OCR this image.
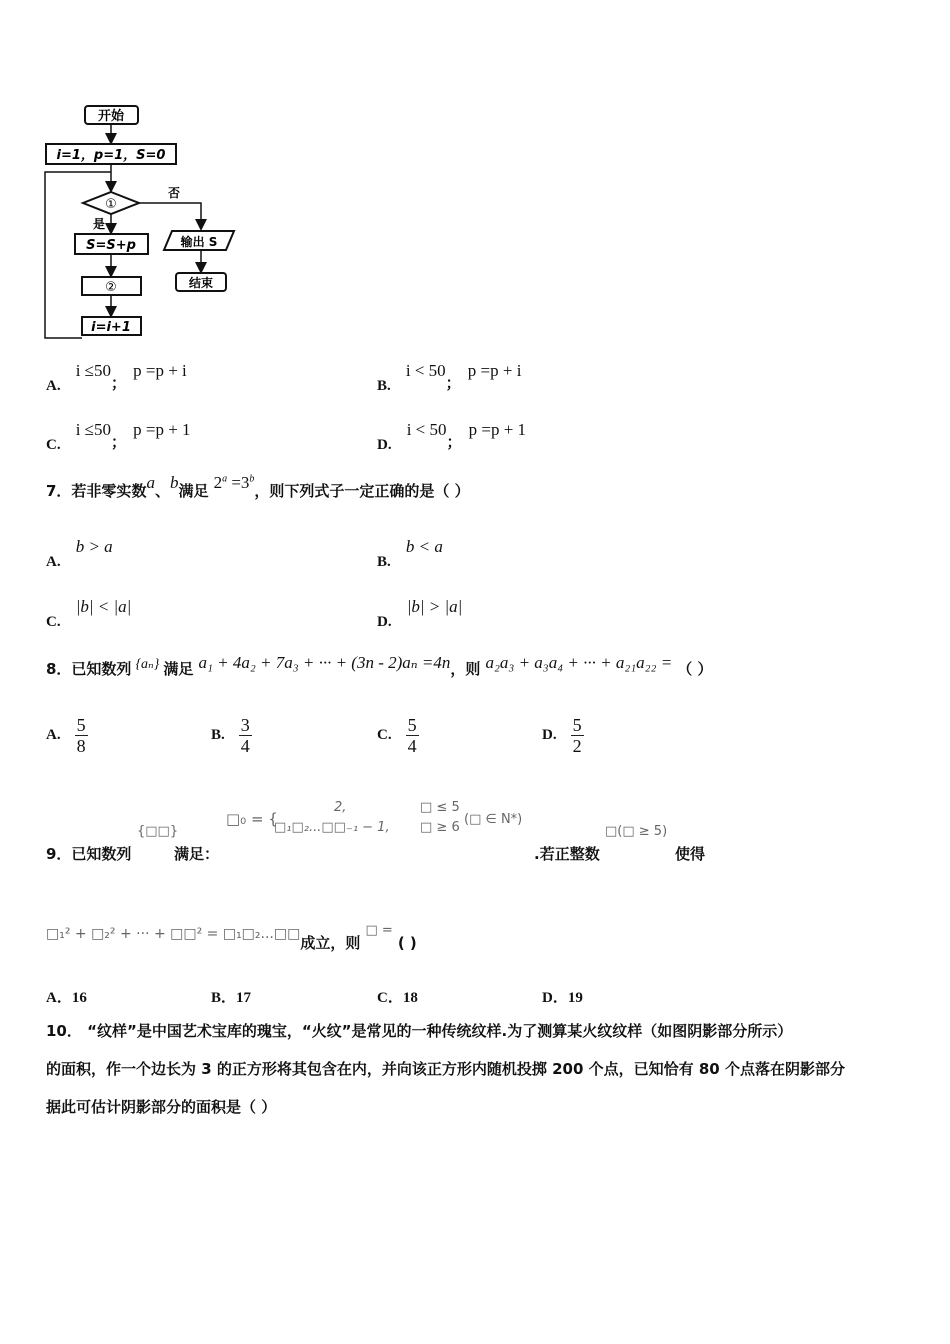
开始
i=1，p=1，S=0
①
否
输出 S
结束
是
S=S+p
②
i=i+1
A. i ≤50； p =p + i
B. i < 50； p =p + i
C. i ≤50； p =p + 1
D. i < 50； p =p + 1
7．若非零实数a、b满足 $2^a =3^b$，则下列式子一定正确的是（ ）
A. b > a
B. b < a
C. |b| < |a|
D. |b| > |a|
8．已知数列 {aₙ} 满足 a₁ + 4a₂ + 7a₃ + ··· + (3n - 2)aₙ =4n，则 a₂a₃ + a₃a₄ + ··· + a₂₁a₂₂ = （ ）
A. $\frac{5}{8}$	B. $\frac{3}{4}$	C. $\frac{5}{4}$	D. $\frac{5}{2}$
9．已知数列
{□□}
满足：
□₀ = {
2,
□₁□₂...□□₋₁ − 1,
□ ≤ 5
□ ≥ 6
(□ ∈ N*)
.若正整数
□(□ ≥ 5)
使得
□₁² + □₂² + ··· + □□² = □₁□₂...□□成立，则 □ = ( )
A．16	B．17	C．18	D．19
10． “纹样”是中国艺术宝库的瑰宝，“火纹”是常见的一种传统纹样.为了测算某火纹纹样（如图阴影部分所示）
的面积，作一个边长为 3 的正方形将其包含在内，并向该正方形内随机投掷 200 个点，已知恰有 80 个点落在阴影部分
据此可估计阴影部分的面积是（ ）
